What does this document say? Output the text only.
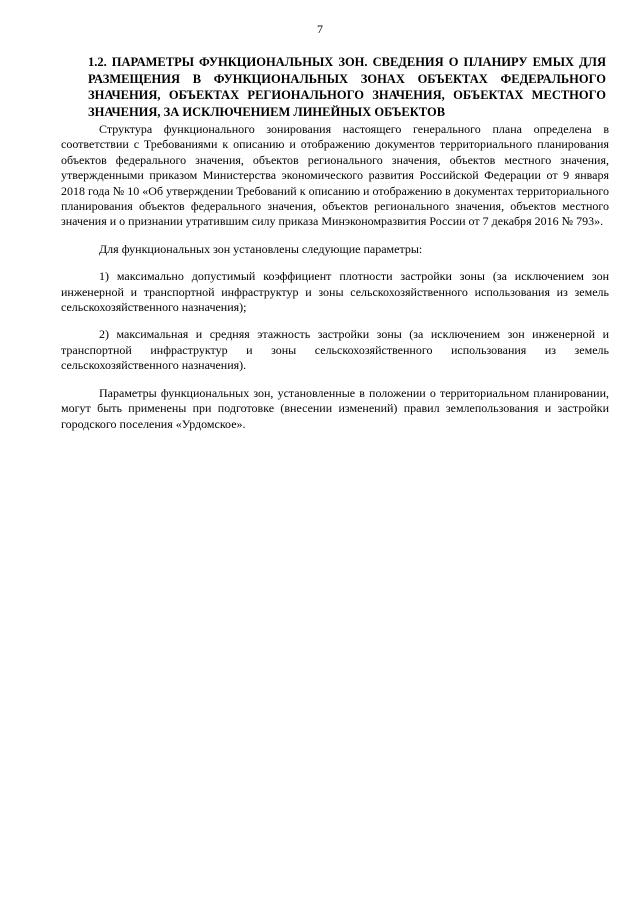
7
1.2. ПАРАМЕТРЫ ФУНКЦИОНАЛЬНЫХ ЗОН. СВЕДЕНИЯ О ПЛАНИРУ ЕМЫХ ДЛЯ РАЗМЕЩЕНИЯ В ФУНКЦИОНАЛЬНЫХ ЗОНАХ ОБЪЕКТАХ ФЕДЕРАЛЬНОГО ЗНАЧЕНИЯ, ОБЪЕКТАХ РЕГИОНАЛЬНОГО ЗНАЧЕНИЯ, ОБЪЕКТАХ МЕСТНОГО ЗНАЧЕНИЯ, ЗА ИСКЛЮЧЕНИЕМ ЛИНЕЙНЫХ ОБЪЕКТОВ

Структура функционального зонирования настоящего генерального плана определена в соответствии с Требованиями к описанию и отображению документов территориального планирования объектов федерального значения, объектов регионального значения, объектов местного значения, утвержденными приказом Министерства экономического развития Российской Федерации от 9 января 2018 года № 10 «Об утверждении Требований к описанию и отображению в документах территориального планирования объектов федерального значения, объектов регионального значения, объектов местного значения и о признании утратившим силу приказа Минэкономразвития России от 7 декабря 2016 № 793».

Для функциональных зон установлены следующие параметры:

1) максимально допустимый коэффициент плотности застройки зоны (за исключением зон инженерной и транспортной инфраструктур и зоны сельскохозяйственного использования из земель сельскохозяйственного назначения);

2) максимальная и средняя этажность застройки зоны (за исключением зон инженерной и транспортной инфраструктур и зоны сельскохозяйственного использования из земель сельскохозяйственного назначения).

Параметры функциональных зон, установленные в положении о территориальном планировании, могут быть применены при подготовке (внесении изменений) правил землепользования и застройки городского поселения «Урдомское».
